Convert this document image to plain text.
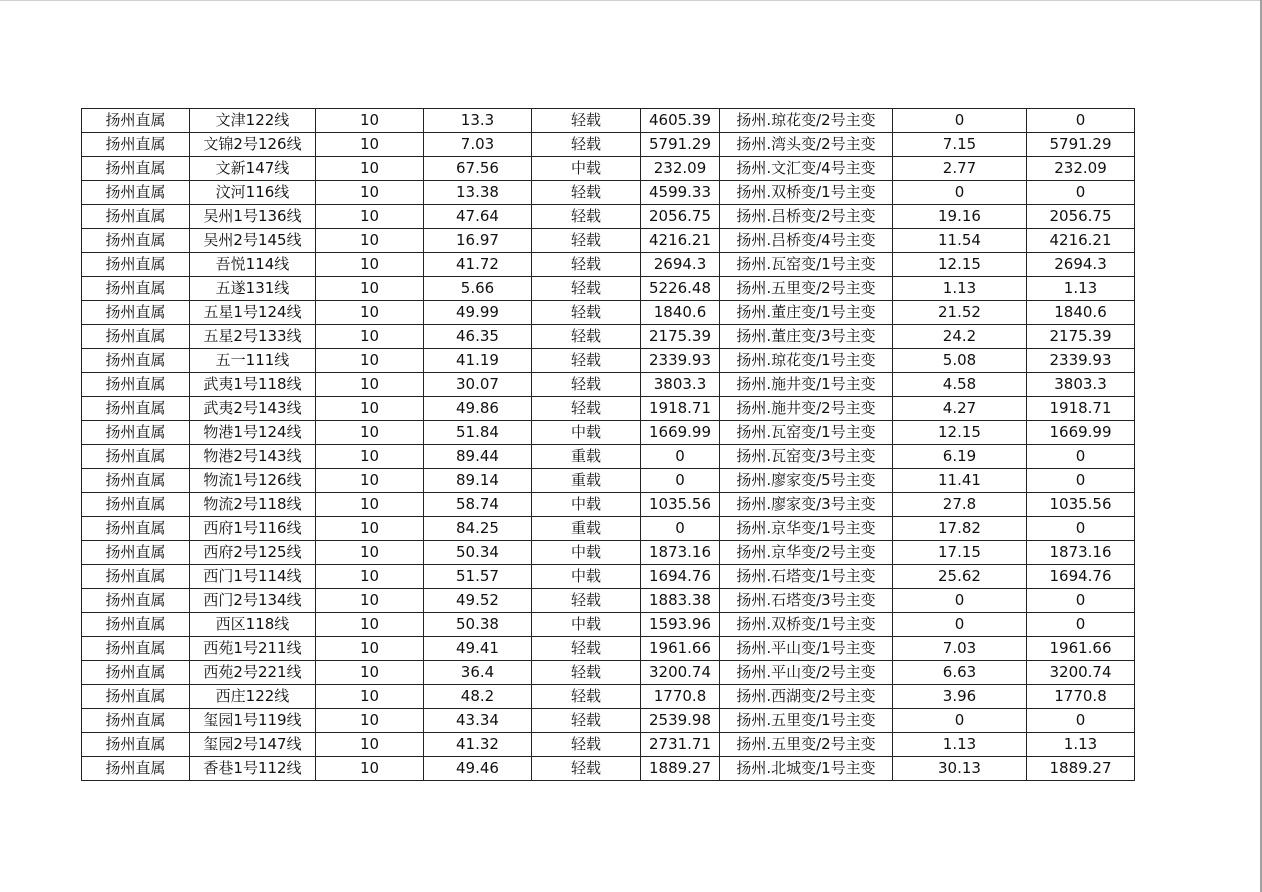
扬州直属	文津122线	10	13.3	轻载	4605.39	扬州.琼花变/2号主变	0	0
扬州直属	文锦2号126线	10	7.03	轻载	5791.29	扬州.湾头变/2号主变	7.15	5791.29
扬州直属	文新147线	10	67.56	中载	232.09	扬州.文汇变/4号主变	2.77	232.09
扬州直属	汶河116线	10	13.38	轻载	4599.33	扬州.双桥变/1号主变	0	0
扬州直属	吴州1号136线	10	47.64	轻载	2056.75	扬州.吕桥变/2号主变	19.16	2056.75
扬州直属	吴州2号145线	10	16.97	轻载	4216.21	扬州.吕桥变/4号主变	11.54	4216.21
扬州直属	吾悦114线	10	41.72	轻载	2694.3	扬州.瓦窑变/1号主变	12.15	2694.3
扬州直属	五遂131线	10	5.66	轻载	5226.48	扬州.五里变/2号主变	1.13	1.13
扬州直属	五星1号124线	10	49.99	轻载	1840.6	扬州.董庄变/1号主变	21.52	1840.6
扬州直属	五星2号133线	10	46.35	轻载	2175.39	扬州.董庄变/3号主变	24.2	2175.39
扬州直属	五一111线	10	41.19	轻载	2339.93	扬州.琼花变/1号主变	5.08	2339.93
扬州直属	武夷1号118线	10	30.07	轻载	3803.3	扬州.施井变/1号主变	4.58	3803.3
扬州直属	武夷2号143线	10	49.86	轻载	1918.71	扬州.施井变/2号主变	4.27	1918.71
扬州直属	物港1号124线	10	51.84	中载	1669.99	扬州.瓦窑变/1号主变	12.15	1669.99
扬州直属	物港2号143线	10	89.44	重载	0	扬州.瓦窑变/3号主变	6.19	0
扬州直属	物流1号126线	10	89.14	重载	0	扬州.廖家变/5号主变	11.41	0
扬州直属	物流2号118线	10	58.74	中载	1035.56	扬州.廖家变/3号主变	27.8	1035.56
扬州直属	西府1号116线	10	84.25	重载	0	扬州.京华变/1号主变	17.82	0
扬州直属	西府2号125线	10	50.34	中载	1873.16	扬州.京华变/2号主变	17.15	1873.16
扬州直属	西门1号114线	10	51.57	中载	1694.76	扬州.石塔变/1号主变	25.62	1694.76
扬州直属	西门2号134线	10	49.52	轻载	1883.38	扬州.石塔变/3号主变	0	0
扬州直属	西区118线	10	50.38	中载	1593.96	扬州.双桥变/1号主变	0	0
扬州直属	西苑1号211线	10	49.41	轻载	1961.66	扬州.平山变/1号主变	7.03	1961.66
扬州直属	西苑2号221线	10	36.4	轻载	3200.74	扬州.平山变/2号主变	6.63	3200.74
扬州直属	西庄122线	10	48.2	轻载	1770.8	扬州.西湖变/2号主变	3.96	1770.8
扬州直属	玺园1号119线	10	43.34	轻载	2539.98	扬州.五里变/1号主变	0	0
扬州直属	玺园2号147线	10	41.32	轻载	2731.71	扬州.五里变/2号主变	1.13	1.13
扬州直属	香巷1号112线	10	49.46	轻载	1889.27	扬州.北城变/1号主变	30.13	1889.27
